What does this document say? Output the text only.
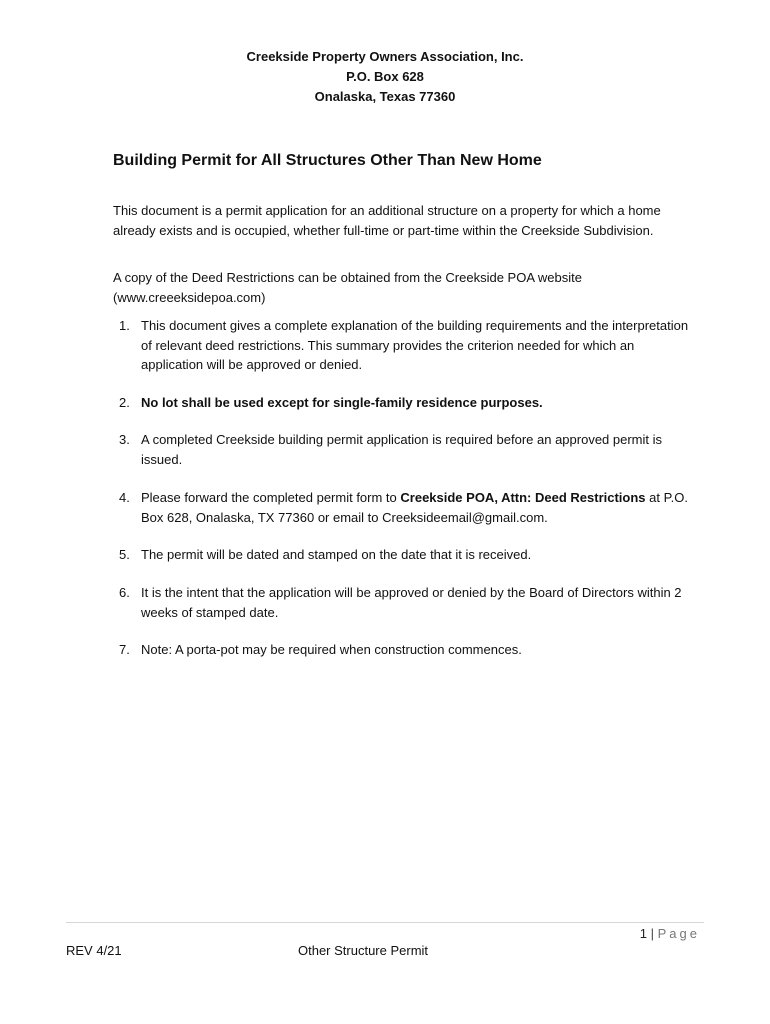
Creekside Property Owners Association, Inc.
P.O. Box 628
Onalaska, Texas 77360
Building Permit for All Structures Other Than New Home

This document is a permit application for an additional structure on a property for which a home already exists and is occupied, whether full-time or part-time within the Creekside Subdivision.

A copy of the Deed Restrictions can be obtained from the Creekside POA website (www.creeeksidepoa.com)

1. This document gives a complete explanation of the building requirements and the interpretation of relevant deed restrictions. This summary provides the criterion needed for which an application will be approved or denied.
2. No lot shall be used except for single-family residence purposes.
3. A completed Creekside building permit application is required before an approved permit is issued.
4. Please forward the completed permit form to Creekside POA, Attn: Deed Restrictions at P.O. Box 628, Onalaska, TX 77360 or email to Creeksideemail@gmail.com.
5. The permit will be dated and stamped on the date that it is received.
6. It is the intent that the application will be approved or denied by the Board of Directors within 2 weeks of stamped date.
7. Note: A porta-pot may be required when construction commences.
1 | Page
REV 4/21	Other Structure Permit
